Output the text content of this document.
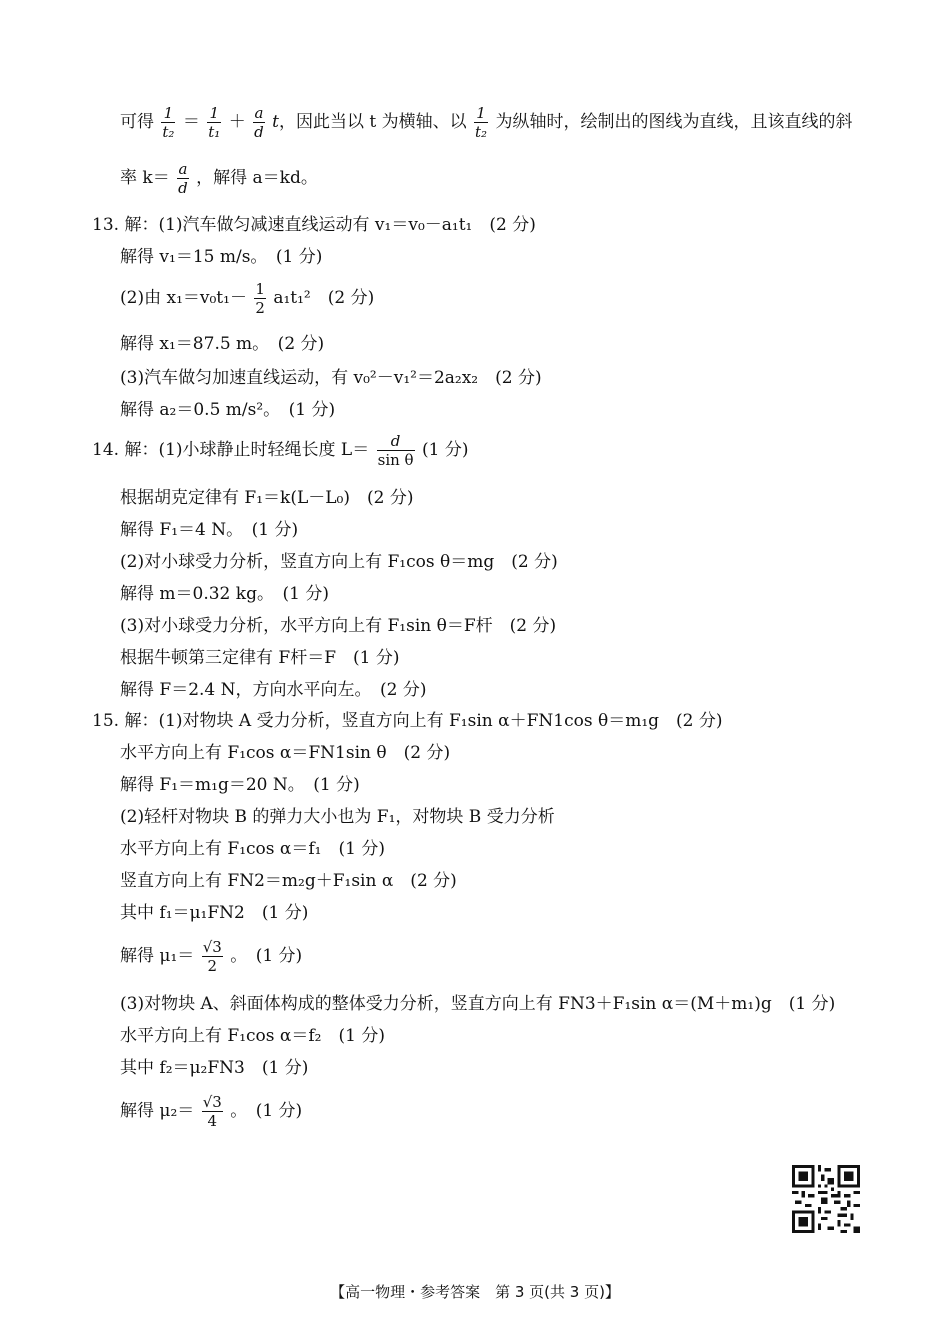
可得 $\frac{1}{\text{t₂}} = \frac{1}{\text{t₁}} + \frac{a}{d}$ t，因此当以 t 为横轴、以 $\frac{1}{\text{t₂}}$ 为纵轴时，绘制出的图线为直线，且该直线的斜
率 $k= \frac{a}{d}$ ，解得 a＝kd。
13. 解：(1)汽车做匀减速直线运动有 v₁＝v₀－a₁t₁　(2 分)
解得 v₁＝15 m/s。　(1 分)
(2)由 $x_1=v_0t_1- \frac{1}{2} a_1t_1^2$　(2 分)
解得 x₁＝87.5 m。　(2 分)
(3)汽车做匀加速直线运动，有 v₀²－v₁²＝2a₂x₂　(2 分)
解得 a₂＝0.5 m/s²。　(1 分)
14. 解：(1)小球静止时轻绳长度 $L= \frac{d}{\text{sin θ}} (1$ 分)
根据胡克定律有 F₁＝k(L－L₀)　(2 分)
解得 F₁＝4 N。　(1 分)
(2)对小球受力分析，竖直方向上有 F₁cos θ＝mg　(2 分)
解得 m＝0.32 kg。　(1 分)
(3)对小球受力分析，水平方向上有 F₁sin θ＝F杆　(2 分)
根据牛顿第三定律有 F杆＝F　(1 分)
解得 F＝2.4 N，方向水平向左。　(2 分)
15. 解：(1)对物块 A 受力分析，竖直方向上有 F₁sin α＋FN1cos θ＝m₁g　(2 分)
水平方向上有 F₁cos α＝FN1sin θ　(2 分)
解得 F₁＝m₁g＝20 N。　(1 分)
(2)轻杆对物块 B 的弹力大小也为 F₁，对物块 B 受力分析
水平方向上有 F₁cos α＝f₁　(1 分)
竖直方向上有 FN2＝m₂g＋F₁sin α　(2 分)
其中 f₁＝μ₁FN2　(1 分)
解得 $\mu_1= \frac{√3}{2}$ 。　(1 分)
(3)对物块 A、斜面体构成的整体受力分析，竖直方向上有 FN3＋F₁sin α＝(M＋m₁)g　(1 分)
水平方向上有 F₁cos α＝f₂　(1 分)
其中 f₂＝μ₂FN3　(1 分)
解得 $\mu_2= \frac{√3}{4}$ 。　(1 分)
【高一物理・参考答案　第 3 页(共 3 页)】
